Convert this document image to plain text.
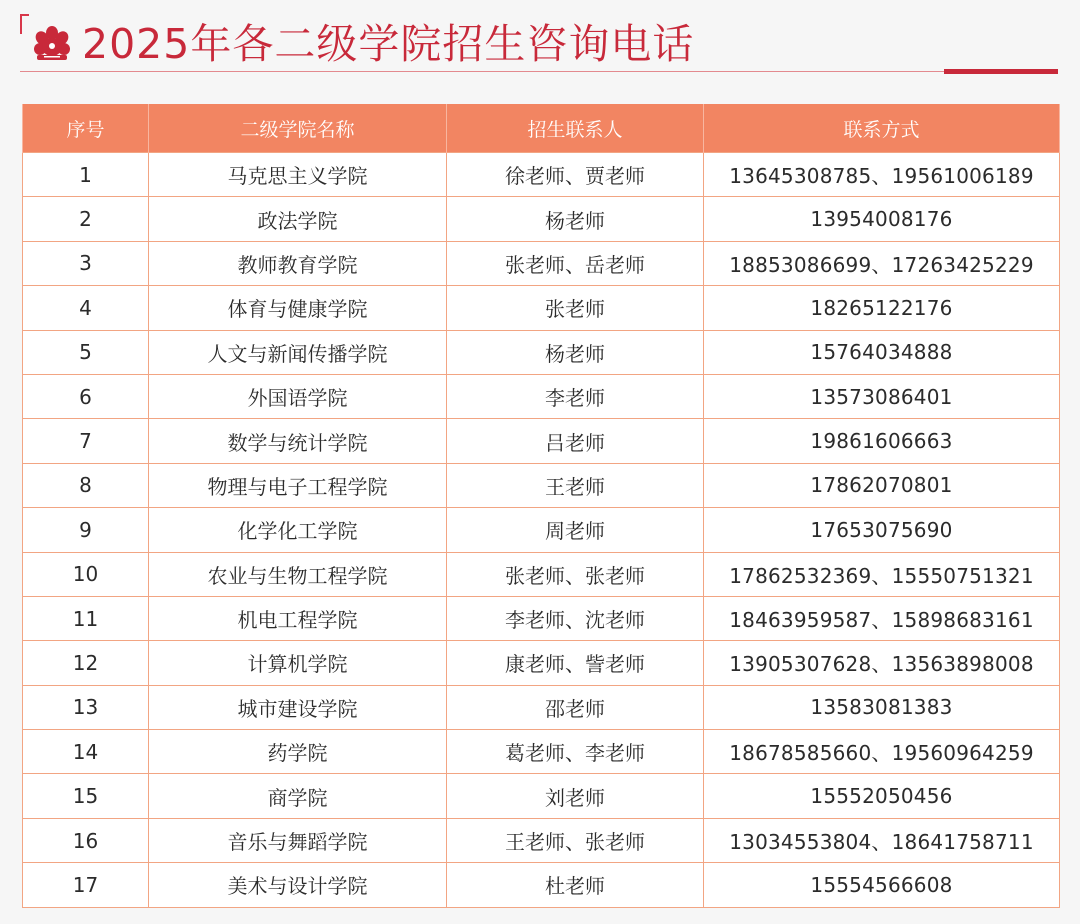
2025年各二级学院招生咨询电话
序号	二级学院名称	招生联系人	联系方式
1	马克思主义学院	徐老师、贾老师	13645308785、19561006189
2	政法学院	杨老师	13954008176
3	教师教育学院	张老师、岳老师	18853086699、17263425229
4	体育与健康学院	张老师	18265122176
5	人文与新闻传播学院	杨老师	15764034888
6	外国语学院	李老师	13573086401
7	数学与统计学院	吕老师	19861606663
8	物理与电子工程学院	王老师	17862070801
9	化学化工学院	周老师	17653075690
10	农业与生物工程学院	张老师、张老师	17862532369、15550751321
11	机电工程学院	李老师、沈老师	18463959587、15898683161
12	计算机学院	康老师、訾老师	13905307628、13563898008
13	城市建设学院	邵老师	13583081383
14	药学院	葛老师、李老师	18678585660、19560964259
15	商学院	刘老师	15552050456
16	音乐与舞蹈学院	王老师、张老师	13034553804、18641758711
17	美术与设计学院	杜老师	15554566608
